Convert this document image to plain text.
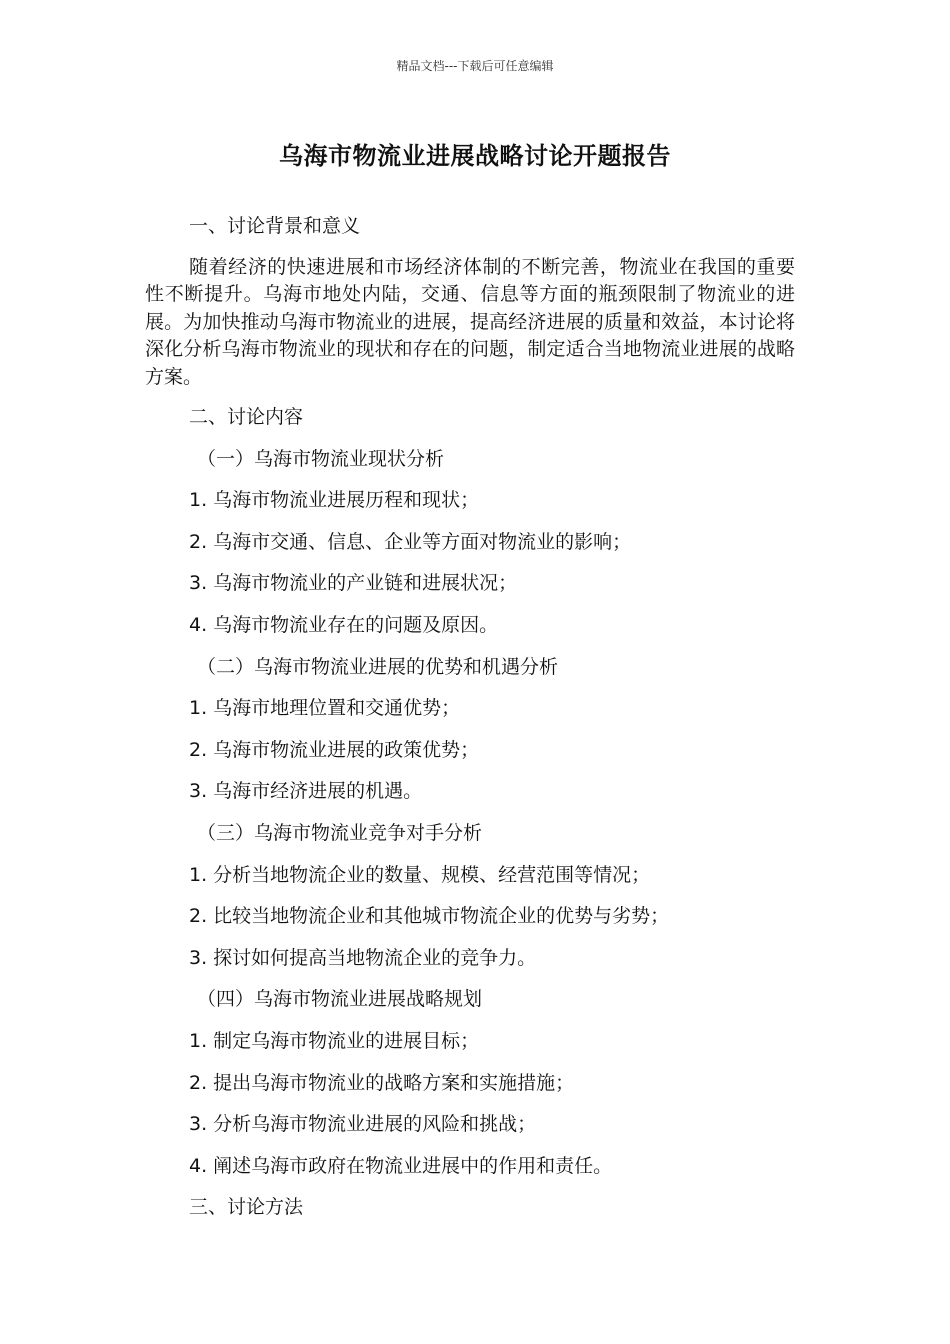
精品文档---下载后可任意编辑
乌海市物流业进展战略讨论开题报告
一、讨论背景和意义
随着经济的快速进展和市场经济体制的不断完善，物流业在我国的重要性不断提升。乌海市地处内陆，交通、信息等方面的瓶颈限制了物流业的进展。为加快推动乌海市物流业的进展，提高经济进展的质量和效益，本讨论将深化分析乌海市物流业的现状和存在的问题，制定适合当地物流业进展的战略方案。
二、讨论内容
（一）乌海市物流业现状分析
1. 乌海市物流业进展历程和现状；
2. 乌海市交通、信息、企业等方面对物流业的影响；
3. 乌海市物流业的产业链和进展状况；
4. 乌海市物流业存在的问题及原因。
（二）乌海市物流业进展的优势和机遇分析
1. 乌海市地理位置和交通优势；
2. 乌海市物流业进展的政策优势；
3. 乌海市经济进展的机遇。
（三）乌海市物流业竞争对手分析
1. 分析当地物流企业的数量、规模、经营范围等情况；
2. 比较当地物流企业和其他城市物流企业的优势与劣势；
3. 探讨如何提高当地物流企业的竞争力。
（四）乌海市物流业进展战略规划
1. 制定乌海市物流业的进展目标；
2. 提出乌海市物流业的战略方案和实施措施；
3. 分析乌海市物流业进展的风险和挑战；
4. 阐述乌海市政府在物流业进展中的作用和责任。
三、讨论方法
